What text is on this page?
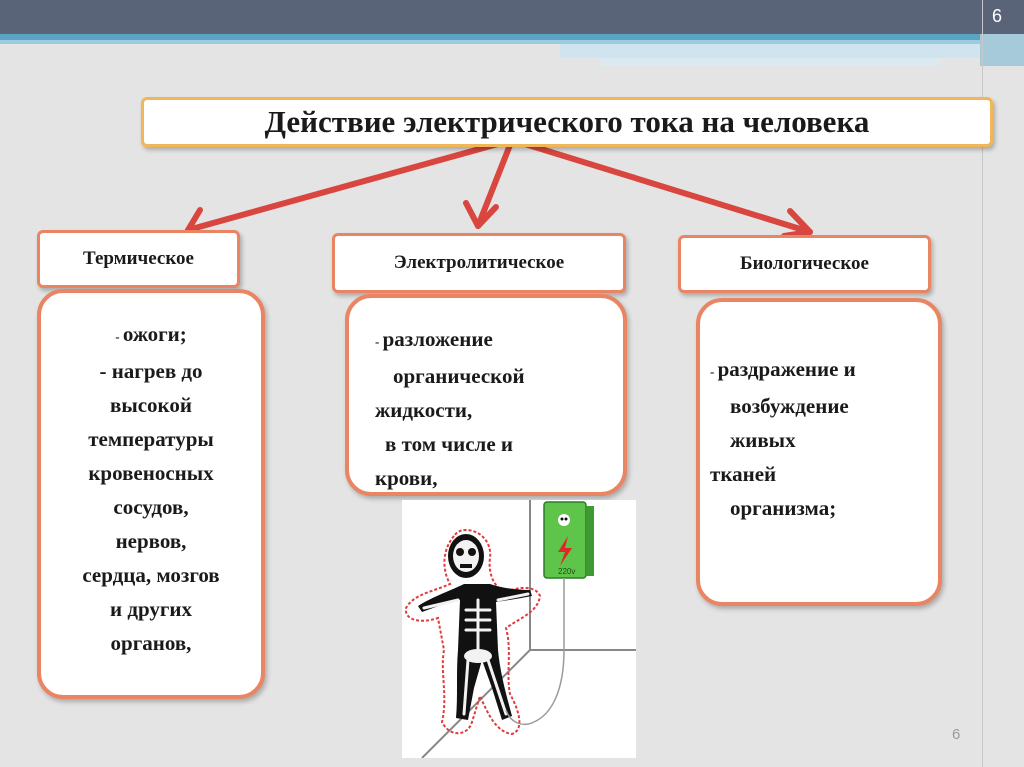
6
6
Действие электрического тока на человека
Термическое	Электролитическое	Биологическое
- ожоги;
- нагрев до
высокой
температуры
кровеносных
сосудов,
нервов,
сердца, мозгов
и других
органов,
- разложение
органической
жидкости,
в том числе и
крови,
- раздражение и
возбуждение
живых
тканей
организма;
220v
